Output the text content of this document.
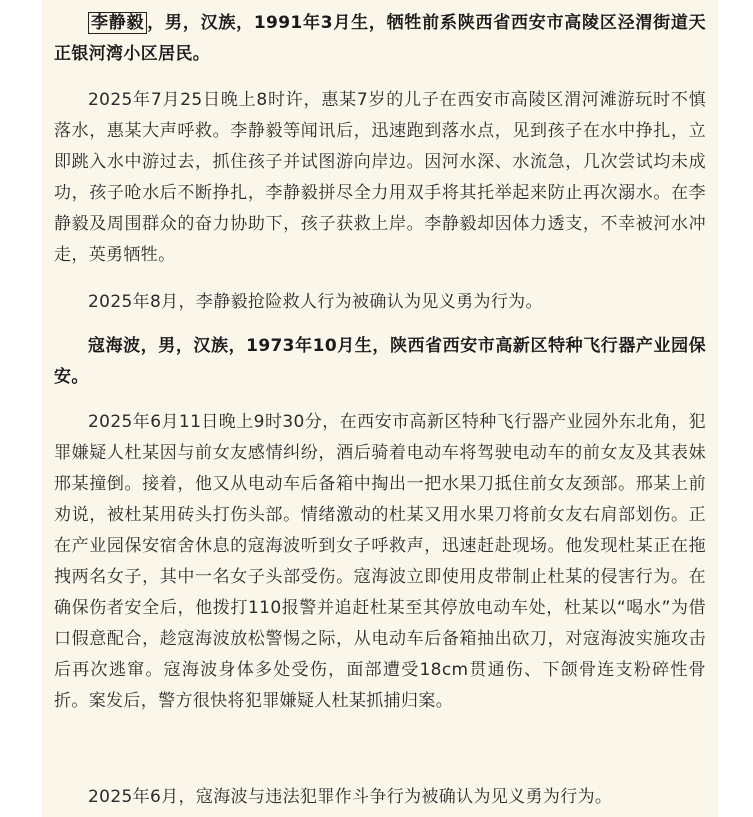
李静毅 ，男，汉族，1991年3月生，牺牲前系陕西省西安市高陵区泾渭街道天正银河湾小区居民。

2025年7月25日晚上8时许，惠某7岁的儿子在西安市高陵区渭河滩游玩时不慎落水，惠某大声呼救。李静毅等闻讯后，迅速跑到落水点，见到孩子在水中挣扎，立即跳入水中游过去，抓住孩子并试图游向岸边。因河水深、水流急，几次尝试均未成功，孩子呛水后不断挣扎，李静毅拼尽全力用双手将其托举起来防止再次溺水。在李静毅及周围群众的奋力协助下，孩子获救上岸。李静毅却因体力透支，不幸被河水冲走，英勇牺牲。

2025年8月，李静毅抢险救人行为被确认为见义勇为行为。

寇海波，男，汉族，1973年10月生，陕西省西安市高新区特种飞行器产业园保安。

2025年6月11日晚上9时30分，在西安市高新区特种飞行器产业园外东北角，犯罪嫌疑人杜某因与前女友感情纠纷，酒后骑着电动车将驾驶电动车的前女友及其表妹邢某撞倒。接着，他又从电动车后备箱中掏出一把水果刀抵住前女友颈部。邢某上前劝说，被杜某用砖头打伤头部。情绪激动的杜某又用水果刀将前女友右肩部划伤。正在产业园保安宿舍休息的寇海波听到女子呼救声，迅速赶赴现场。他发现杜某正在拖拽两名女子，其中一名女子头部受伤。寇海波立即使用皮带制止杜某的侵害行为。在确保伤者安全后，他拨打110报警并追赶杜某至其停放电动车处，杜某以“喝水”为借口假意配合，趁寇海波放松警惕之际，从电动车后备箱抽出砍刀，对寇海波实施攻击后再次逃窜。寇海波身体多处受伤，面部遭受18cm贯通伤、下颌骨连支粉碎性骨折。案发后，警方很快将犯罪嫌疑人杜某抓捕归案。

2025年6月，寇海波与违法犯罪作斗争行为被确认为见义勇为行为。
